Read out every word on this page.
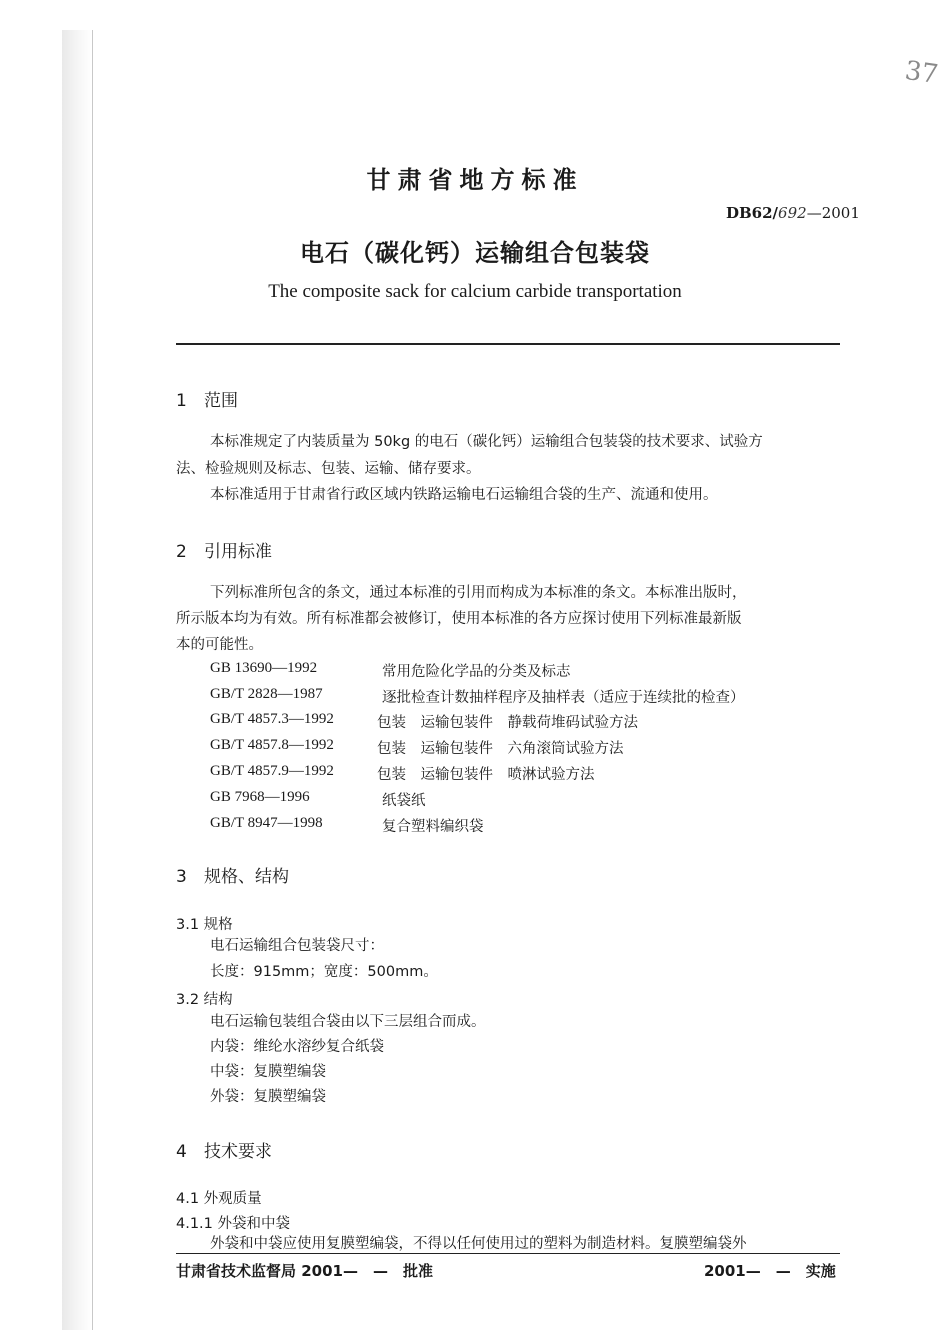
37
甘肃省地方标准
DB62/692—2001
电石（碳化钙）运输组合包装袋
The composite sack for calcium carbide transportation
1 范围
本标准规定了内装质量为 50kg 的电石（碳化钙）运输组合包装袋的技术要求、试验方
法、检验规则及标志、包装、运输、储存要求。
本标准适用于甘肃省行政区域内铁路运输电石运输组合袋的生产、流通和使用。
2 引用标准
下列标准所包含的条文，通过本标准的引用而构成为本标准的条文。本标准出版时，
所示版本均为有效。所有标准都会被修订，使用本标准的各方应探讨使用下列标准最新版
本的可能性。
GB 13690—1992	常用危险化学品的分类及标志
GB/T 2828—1987	逐批检查计数抽样程序及抽样表（适应于连续批的检查）
GB/T 4857.3—1992	包装　运输包装件　静载荷堆码试验方法
GB/T 4857.8—1992	包装　运输包装件　六角滚筒试验方法
GB/T 4857.9—1992	包装　运输包装件　喷淋试验方法
GB 7968—1996	纸袋纸
GB/T 8947—1998	复合塑料编织袋
3 规格、结构
3.1 规格
电石运输组合包装袋尺寸：
长度：915mm；宽度：500mm。
3.2 结构
电石运输包装组合袋由以下三层组合而成。
内袋：维纶水溶纱复合纸袋
中袋：复膜塑编袋
外袋：复膜塑编袋
4 技术要求
4.1 外观质量
4.1.1 外袋和中袋
外袋和中袋应使用复膜塑编袋，不得以任何使用过的塑料为制造材料。复膜塑编袋外
甘肃省技术监督局 2001—　—　批准	2001—　—　实施
